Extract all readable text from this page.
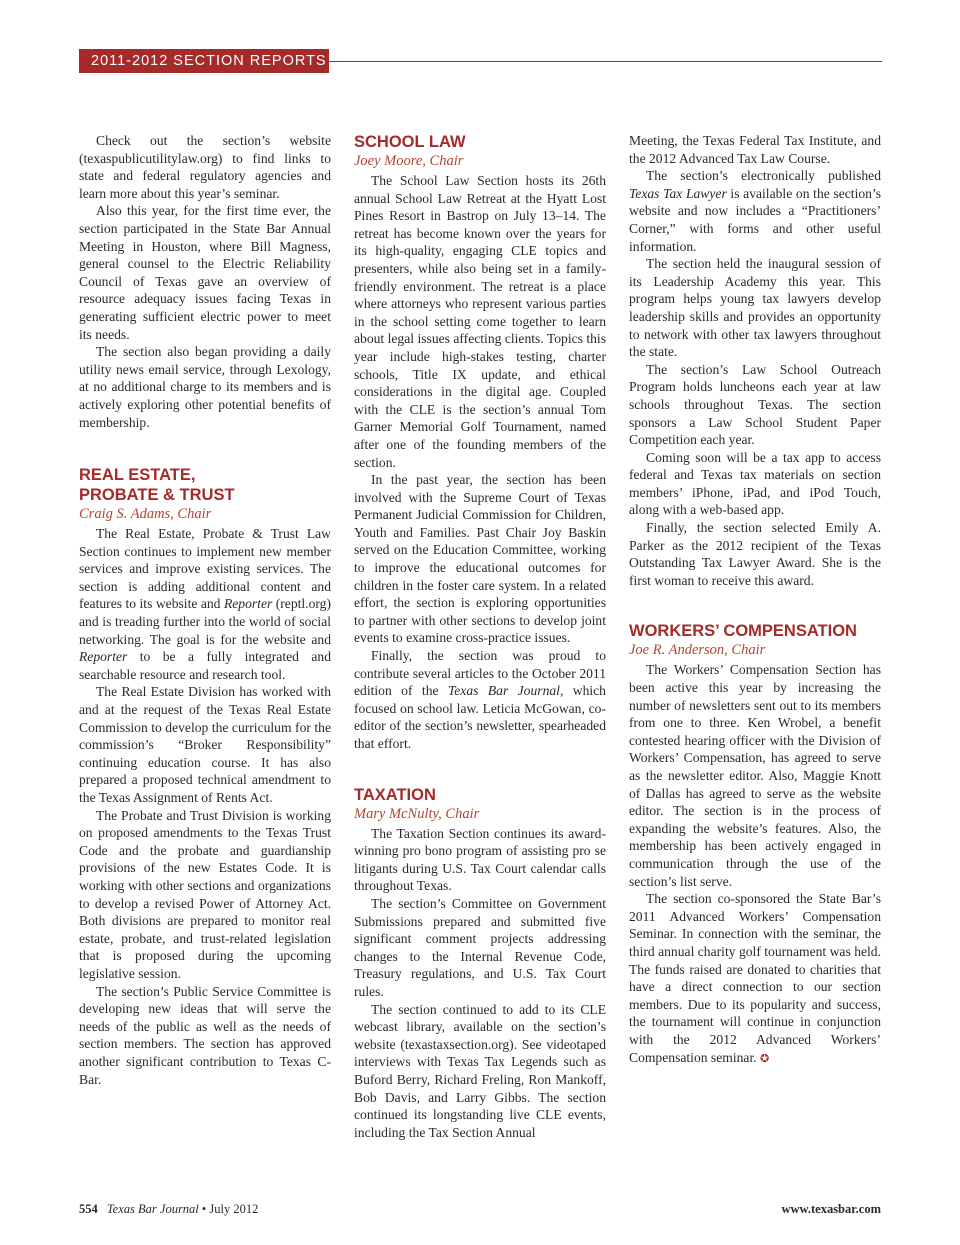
2011-2012 SECTION REPORTS

Check out the section’s website (texaspublicutilitylaw.org) to find links to state and federal regulatory agencies and learn more about this year’s seminar.

Also this year, for the first time ever, the section participated in the State Bar Annual Meeting in Houston, where Bill Magness, general counsel to the Electric Reliability Council of Texas gave an overview of resource adequacy issues facing Texas in generating sufficient electric power to meet its needs.

The section also began providing a daily utility news email service, through Lexology, at no additional charge to its members and is actively exploring other potential benefits of membership.

REAL ESTATE,
PROBATE & TRUST
Craig S. Adams, Chair

The Real Estate, Probate & Trust Law Section continues to implement new member services and improve existing services. The section is adding additional content and features to its website and Reporter (reptl.org) and is treading further into the world of social networking. The goal is for the website and Reporter to be a fully integrated and searchable resource and research tool.

The Real Estate Division has worked with and at the request of the Texas Real Estate Commission to develop the curriculum for the commission’s “Broker Responsibility” continuing education course. It has also prepared a proposed technical amendment to the Texas Assignment of Rents Act.

The Probate and Trust Division is working on proposed amendments to the Texas Trust Code and the probate and guardianship provisions of the new Estates Code. It is working with other sections and organizations to develop a revised Power of Attorney Act. Both divisions are prepared to monitor real estate, probate, and trust-related legislation that is proposed during the upcoming legislative session.

The section’s Public Service Committee is developing new ideas that will serve the needs of the public as well as the needs of section members. The section has approved another significant contribution to Texas C-Bar.

SCHOOL LAW
Joey Moore, Chair

The School Law Section hosts its 26th annual School Law Retreat at the Hyatt Lost Pines Resort in Bastrop on July 13–14. The retreat has become known over the years for its high-quality, engaging CLE topics and presenters, while also being set in a family-friendly environment. The retreat is a place where attorneys who represent various parties in the school setting come together to learn about legal issues affecting clients. Topics this year include high-stakes testing, charter schools, Title IX update, and ethical considerations in the digital age. Coupled with the CLE is the section’s annual Tom Garner Memorial Golf Tournament, named after one of the founding members of the section.

In the past year, the section has been involved with the Supreme Court of Texas Permanent Judicial Commission for Children, Youth and Families. Past Chair Joy Baskin served on the Education Committee, working to improve the educational outcomes for children in the foster care system. In a related effort, the section is exploring opportunities to partner with other sections to develop joint events to examine cross-practice issues.

Finally, the section was proud to contribute several articles to the October 2011 edition of the Texas Bar Journal, which focused on school law. Leticia McGowan, co-editor of the section’s newsletter, spearheaded that effort.

TAXATION
Mary McNulty, Chair

The Taxation Section continues its award-winning pro bono program of assisting pro se litigants during U.S. Tax Court calendar calls throughout Texas.

The section’s Committee on Government Submissions prepared and submitted five significant comment projects addressing changes to the Internal Revenue Code, Treasury regulations, and U.S. Tax Court rules.

The section continued to add to its CLE webcast library, available on the section’s website (texastaxsection.org). See videotaped interviews with Texas Tax Legends such as Buford Berry, Richard Freling, Ron Mankoff, Bob Davis, and Larry Gibbs. The section continued its longstanding live CLE events, including the Tax Section Annual

Meeting, the Texas Federal Tax Institute, and the 2012 Advanced Tax Law Course.

The section’s electronically published Texas Tax Lawyer is available on the section’s website and now includes a “Practitioners’ Corner,” with forms and other useful information.

The section held the inaugural session of its Leadership Academy this year. This program helps young tax lawyers develop leadership skills and provides an opportunity to network with other tax lawyers throughout the state.

The section’s Law School Outreach Program holds luncheons each year at law schools throughout Texas. The section sponsors a Law School Student Paper Competition each year.

Coming soon will be a tax app to access federal and Texas tax materials on section members’ iPhone, iPad, and iPod Touch, along with a web-based app.

Finally, the section selected Emily A. Parker as the 2012 recipient of the Texas Outstanding Tax Lawyer Award. She is the first woman to receive this award.

WORKERS’ COMPENSATION
Joe R. Anderson, Chair

The Workers’ Compensation Section has been active this year by increasing the number of newsletters sent out to its members from one to three. Ken Wrobel, a benefit contested hearing officer with the Division of Workers’ Compensation, has agreed to serve as the newsletter editor. Also, Maggie Knott of Dallas has agreed to serve as the website editor. The section is in the process of expanding the website’s features. Also, the membership has been actively engaged in communication through the use of the section’s list serve.

The section co-sponsored the State Bar’s 2011 Advanced Workers’ Compensation Seminar. In connection with the seminar, the third annual charity golf tournament was held. The funds raised are donated to charities that have a direct connection to our section members. Due to its popularity and success, the tournament will continue in conjunction with the 2012 Advanced Workers’ Compensation seminar. ✪

554 Texas Bar Journal • July 2012	www.texasbar.com
